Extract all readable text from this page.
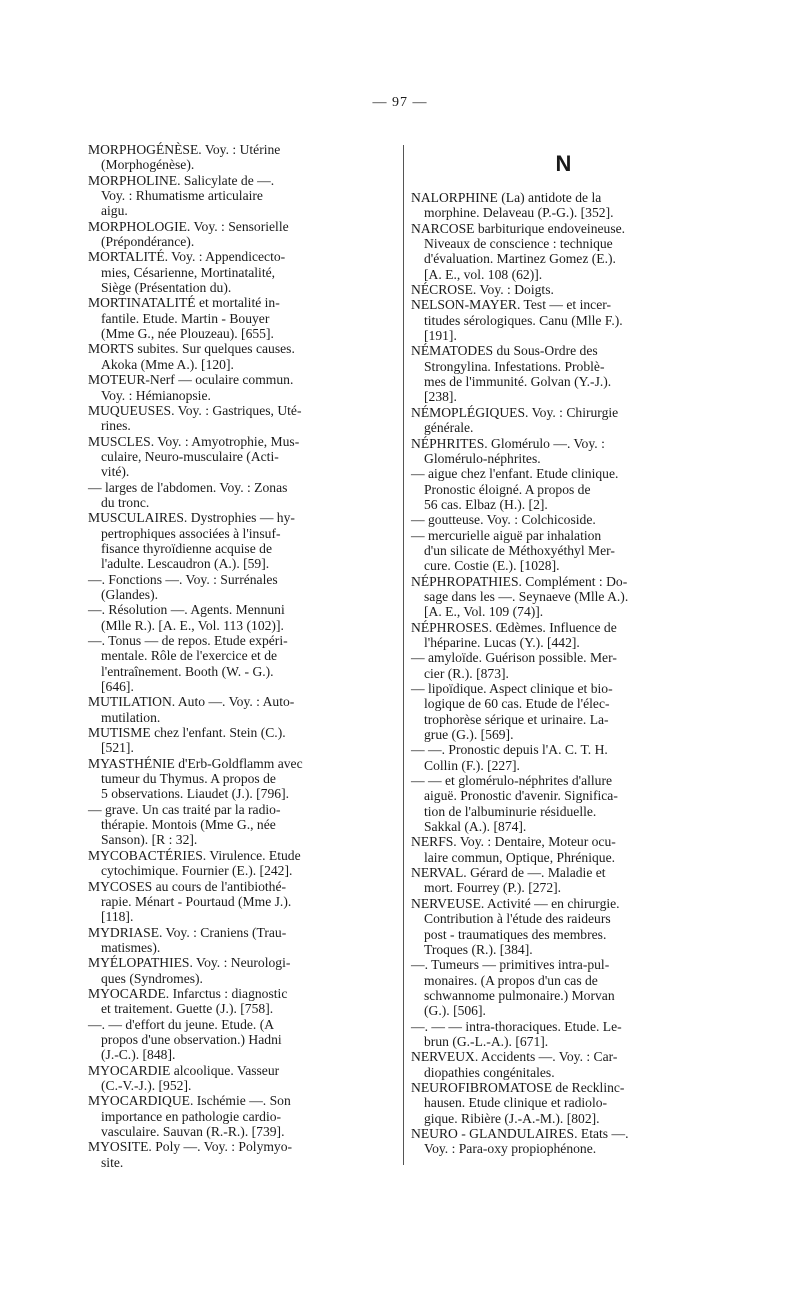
— 97 —
MORPHOGÉNÈSE. Voy. : Utérine
(Morphogénèse).
MORPHOLINE. Salicylate de —.
Voy. : Rhumatisme articulaire
aigu.
MORPHOLOGIE. Voy. : Sensorielle
(Prépondérance).
MORTALITÉ. Voy. : Appendicecto-
mies, Césarienne, Mortinatalité,
Siège (Présentation du).
MORTINATALITÉ et mortalité in-
fantile. Etude. Martin - Bouyer
(Mme G., née Plouzeau). [655].
MORTS subites. Sur quelques causes.
Akoka (Mme A.). [120].
MOTEUR-Nerf — oculaire commun.
Voy. : Hémianopsie.
MUQUEUSES. Voy. : Gastriques, Uté-
rines.
MUSCLES. Voy. : Amyotrophie, Mus-
culaire, Neuro-musculaire (Acti-
vité).
— larges de l'abdomen. Voy. : Zonas
du tronc.
MUSCULAIRES. Dystrophies — hy-
pertrophiques associées à l'insuf-
fisance thyroïdienne acquise de
l'adulte. Lescaudron (A.). [59].
—. Fonctions —. Voy. : Surrénales
(Glandes).
—. Résolution —. Agents. Mennuni
(Mlle R.). [A. E., Vol. 113 (102)].
—. Tonus — de repos. Etude expéri-
mentale. Rôle de l'exercice et de
l'entraînement. Booth (W. - G.).
[646].
MUTILATION. Auto —. Voy. : Auto-
mutilation.
MUTISME chez l'enfant. Stein (C.).
[521].
MYASTHÉNIE d'Erb-Goldflamm avec
tumeur du Thymus. A propos de
5 observations. Liaudet (J.). [796].
— grave. Un cas traité par la radio-
thérapie. Montois (Mme G., née
Sanson). [R : 32].
MYCOBACTÉRIES. Virulence. Etude
cytochimique. Fournier (E.). [242].
MYCOSES au cours de l'antibiothé-
rapie. Ménart - Pourtaud (Mme J.).
[118].
MYDRIASE. Voy. : Craniens (Trau-
matismes).
MYÉLOPATHIES. Voy. : Neurologi-
ques (Syndromes).
MYOCARDE. Infarctus : diagnostic
et traitement. Guette (J.). [758].
—. — d'effort du jeune. Etude. (A
propos d'une observation.) Hadni
(J.-C.). [848].
MYOCARDIE alcoolique. Vasseur
(C.-V.-J.). [952].
MYOCARDIQUE. Ischémie —. Son
importance en pathologie cardio-
vasculaire. Sauvan (R.-R.). [739].
MYOSITE. Poly —. Voy. : Polymyo-
site.
N
NALORPHINE (La) antidote de la
morphine. Delaveau (P.-G.). [352].
NARCOSE barbiturique endoveineuse.
Niveaux de conscience : technique
d'évaluation. Martinez Gomez (E.).
[A. E., vol. 108 (62)].
NÉCROSE. Voy. : Doigts.
NELSON-MAYER. Test — et incer-
titudes sérologiques. Canu (Mlle F.).
[191].
NÉMATODES du Sous-Ordre des
Strongylina. Infestations. Problè-
mes de l'immunité. Golvan (Y.-J.).
[238].
NÉMOPLÉGIQUES. Voy. : Chirurgie
générale.
NÉPHRITES. Glomérulo —. Voy. :
Glomérulo-néphrites.
— aigue chez l'enfant. Etude clinique.
Pronostic éloigné. A propos de
56 cas. Elbaz (H.). [2].
— goutteuse. Voy. : Colchicoside.
— mercurielle aiguë par inhalation
d'un silicate de Méthoxyéthyl Mer-
cure. Costie (E.). [1028].
NÉPHROPATHIES. Complément : Do-
sage dans les —. Seynaeve (Mlle A.).
[A. E., Vol. 109 (74)].
NÉPHROSES. Œdèmes. Influence de
l'héparine. Lucas (Y.). [442].
— amyloïde. Guérison possible. Mer-
cier (R.). [873].
— lipoïdique. Aspect clinique et bio-
logique de 60 cas. Etude de l'élec-
trophorèse sérique et urinaire. La-
grue (G.). [569].
— —. Pronostic depuis l'A. C. T. H.
Collin (F.). [227].
— — et glomérulo-néphrites d'allure
aiguë. Pronostic d'avenir. Significa-
tion de l'albuminurie résiduelle.
Sakkal (A.). [874].
NERFS. Voy. : Dentaire, Moteur ocu-
laire commun, Optique, Phrénique.
NERVAL. Gérard de —. Maladie et
mort. Fourrey (P.). [272].
NERVEUSE. Activité — en chirurgie.
Contribution à l'étude des raideurs
post - traumatiques des membres.
Troques (R.). [384].
—. Tumeurs — primitives intra-pul-
monaires. (A propos d'un cas de
schwannome pulmonaire.) Morvan
(G.). [506].
—. — — intra-thoraciques. Etude. Le-
brun (G.-L.-A.). [671].
NERVEUX. Accidents —. Voy. : Car-
diopathies congénitales.
NEUROFIBROMATOSE de Recklinc-
hausen. Etude clinique et radiolo-
gique. Ribière (J.-A.-M.). [802].
NEURO - GLANDULAIRES. Etats —.
Voy. : Para-oxy propiophénone.
